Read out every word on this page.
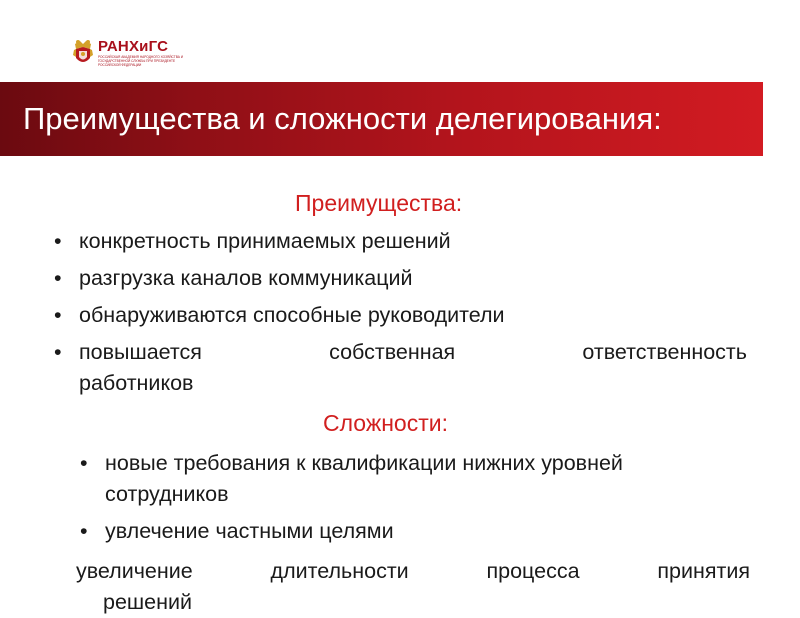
РАНХиГС
РОССИЙСКАЯ АКАДЕМИЯ НАРОДНОГО ХОЗЯЙСТВА И ГОСУДАРСТВЕННОЙ СЛУЖБЫ ПРИ ПРЕЗИДЕНТЕ РОССИЙСКОЙ ФЕДЕРАЦИИ
Преимущества и сложности делегирования:
Преимущества:
• конкретность принимаемых решений
• разгрузка каналов коммуникаций
• обнаруживаются способные руководители
• повышается	собственная	ответственность
работников
Сложности:
• новые требования к квалификации нижних уровней
сотрудников
• увлечение частными целями
увеличение	длительности	процесса	принятия
решений
